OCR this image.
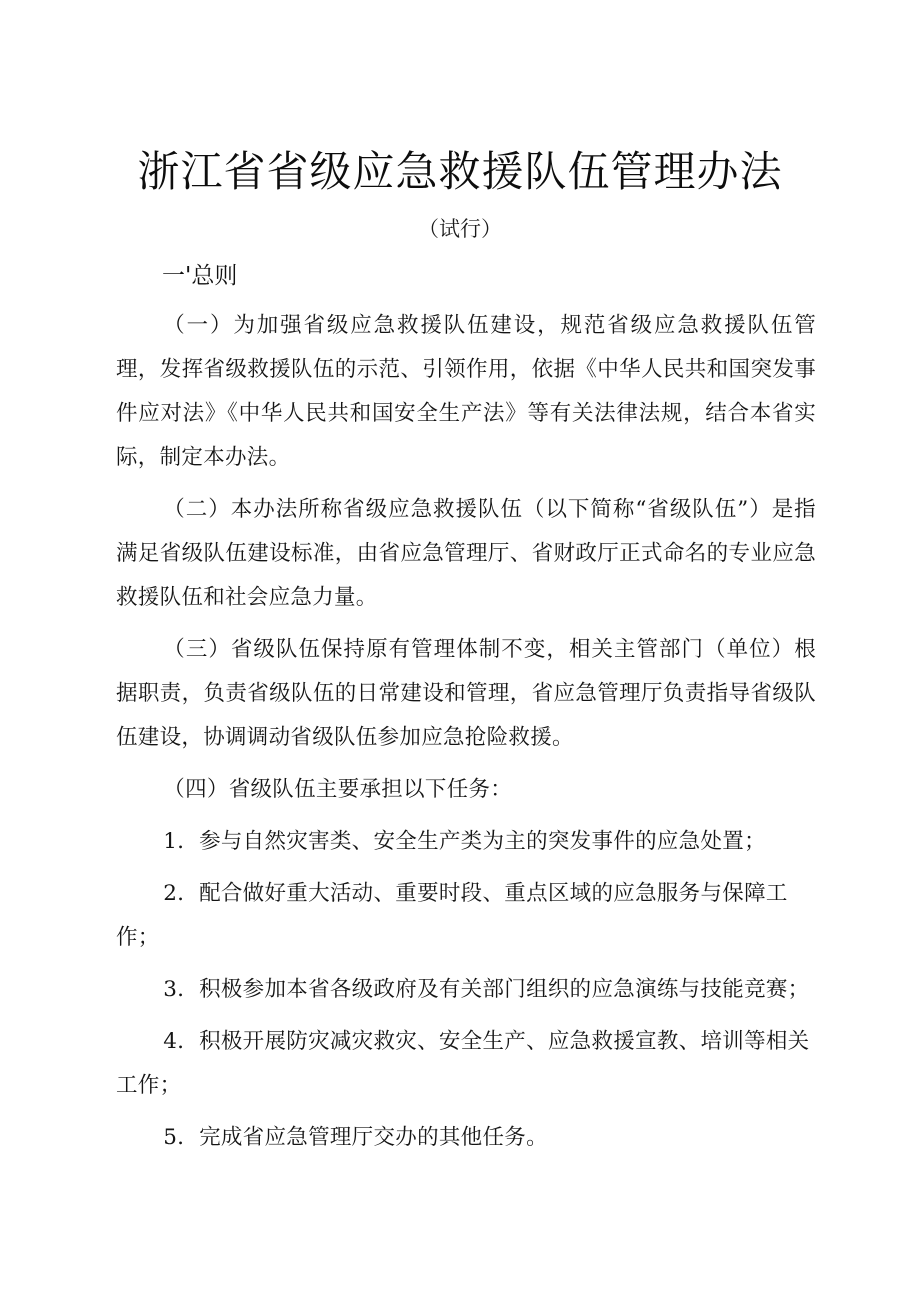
浙江省省级应急救援队伍管理办法
（试行）
一'总则

（一）为加强省级应急救援队伍建设，规范省级应急救援队伍管理，发挥省级救援队伍的示范、引领作用，依据《中华人民共和国突发事件应对法》《中华人民共和国安全生产法》等有关法律法规，结合本省实际，制定本办法。

（二）本办法所称省级应急救援队伍（以下简称“省级队伍”）是指满足省级队伍建设标准，由省应急管理厅、省财政厅正式命名的专业应急救援队伍和社会应急力量。

（三）省级队伍保持原有管理体制不变，相关主管部门（单位）根据职责，负责省级队伍的日常建设和管理，省应急管理厅负责指导省级队伍建设，协调调动省级队伍参加应急抢险救援。

（四）省级队伍主要承担以下任务：

1．参与自然灾害类、安全生产类为主的突发事件的应急处置；

2．配合做好重大活动、重要时段、重点区域的应急服务与保障工作；

3．积极参加本省各级政府及有关部门组织的应急演练与技能竞赛；

4．积极开展防灾减灾救灾、安全生产、应急救援宣教、培训等相关工作；

5．完成省应急管理厅交办的其他任务。
